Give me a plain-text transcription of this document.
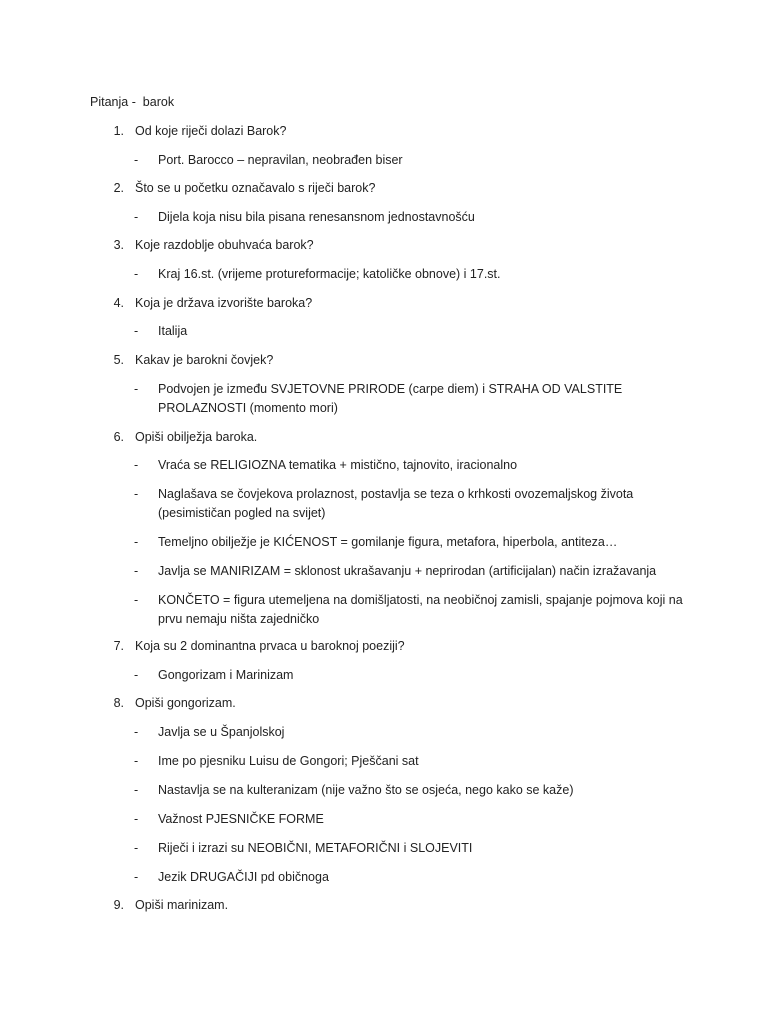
Pitanja -  barok
1. Od koje riječi dolazi Barok?
- Port. Barocco – nepravilan, neobrađen biser
2. Što se u početku označavalo s riječi barok?
- Dijela koja nisu bila pisana renesansnom jednostavnošću
3. Koje razdoblje obuhvaća barok?
- Kraj 16.st. (vrijeme protureformacije; katoličke obnove) i 17.st.
4. Koja je država izvorište baroka?
- Italija
5. Kakav je barokni čovjek?
- Podvojen je između SVJETOVNE PRIRODE (carpe diem) i STRAHA OD VALSTITE PROLAZNOSTI (momento mori)
6. Opiši obilježja baroka.
- Vraća se RELIGIOZNA tematika + mistično, tajnovito, iracionalno
- Naglašava se čovjekova prolaznost, postavlja se teza o krhkosti ovozemaljskog života (pesimističan pogled na svijet)
- Temeljno obilježje je KIĆENOST = gomilanje figura, metafora, hiperbola, antiteza…
- Javlja se MANIRIZAM = sklonost ukrašavanju + neprirodan (artificijalan) način izražavanja
- KONČETO = figura utemeljena na domišljatosti, na neobičnoj zamisli, spajanje pojmova koji na prvu nemaju ništa zajedničko
7. Koja su 2 dominantna prvaca u baroknoj poeziji?
- Gongorizam i Marinizam
8. Opiši gongorizam.
- Javlja se u Španjolskoj
- Ime po pjesniku Luisu de Gongori; Pješčani sat
- Nastavlja se na kulteranizam (nije važno što se osjeća, nego kako se kaže)
- Važnost PJESNIČKE FORME
- Riječi i izrazi su NEOBIČNI, METAFORIČNI i SLOJEVITI
- Jezik DRUGAČIJI pd običnoga
9. Opiši marinizam.
